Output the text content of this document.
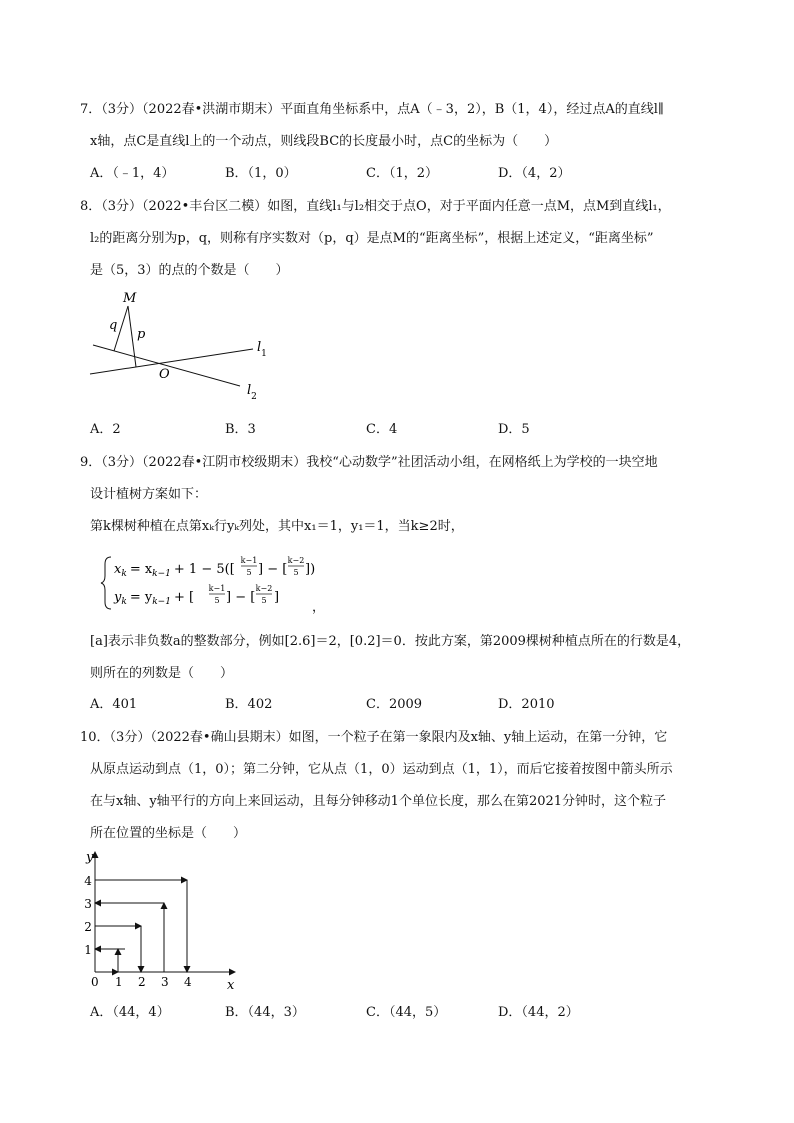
7．（3分）（2022春•洪湖市期末）平面直角坐标系中，点A（﹣3，2），B（1，4），经过点A的直线l∥
x轴，点C是直线l上的一个动点，则线段BC的长度最小时，点C的坐标为（　　）
A．（﹣1，4）	B．（1，0）	C．（1，2）	D．（4，2）
8．（3分）（2022•丰台区二模）如图，直线l₁与l₂相交于点O，对于平面内任意一点M，点M到直线l₁，
l₂的距离分别为p，q，则称有序实数对（p，q）是点M的“距离坐标”，根据上述定义，“距离坐标”
是（5，3）的点的个数是（　　）
M
q
p
O
$l_1$
$l_2$
A．2	B．3	C．4	D．5
9．（3分）（2022春•江阴市校级期末）我校“心动数学”社团活动小组，在网格纸上为学校的一块空地
设计植树方案如下：
第k棵树种植在点第xₖ行yₖ列处，其中x₁＝1，y₁＝1，当k≥2时，
$x_k = x_{k-1} + 1 - 5$([
k−1
5 ] − [
k−2
5 ])
$y_k = y_{k-1}$ + [
k−1
5 ] − [
k−2
5 ]
，
[a]表示非负数a的整数部分，例如[2.6]＝2，[0.2]＝0．按此方案，第2009棵树种植点所在的行数是4，
则所在的列数是（　　）
A．401	B．402	C．2009	D．2010
10．（3分）（2022春•确山县期末）如图，一个粒子在第一象限内及x轴、y轴上运动，在第一分钟，它
从原点运动到点（1，0）；第二分钟，它从点（1，0）运动到点（1，1），而后它接着按图中箭头所示
在与x轴、y轴平行的方向上来回运动，且每分钟移动1个单位长度，那么在第2021分钟时，这个粒子
所在位置的坐标是（　　）
y
x
0 1 2 3 4
1
2
3
4
A．（44，4）	B．（44，3）	C．（44，5）	D．（44，2）
